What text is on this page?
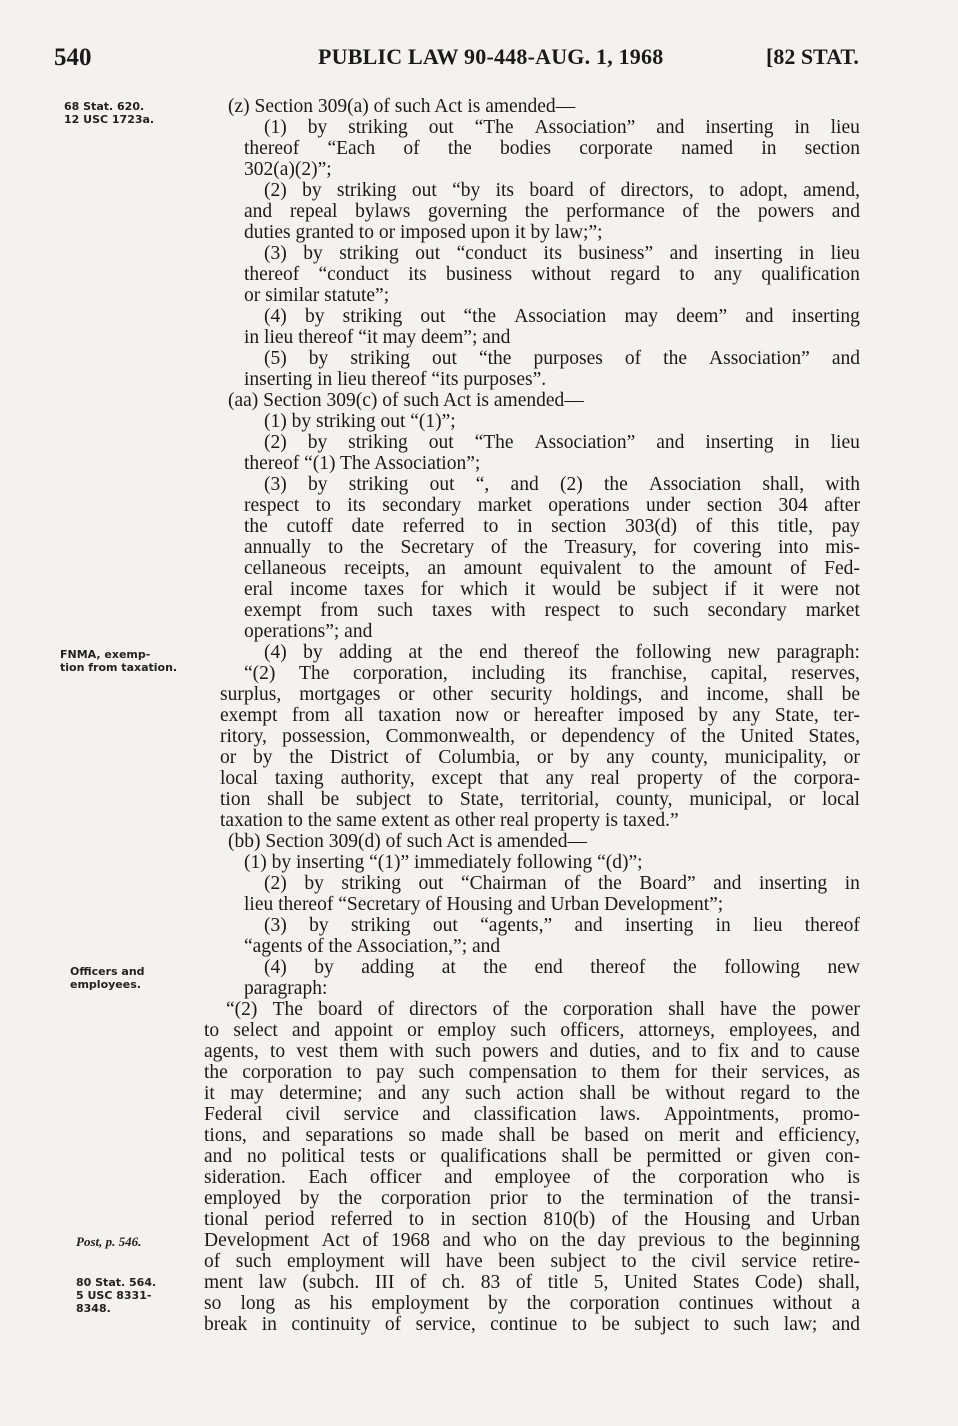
540	PUBLIC LAW 90-448-AUG. 1, 1968	[82 STAT.
68 Stat. 620.
12 USC 1723a.
FNMA, exemp-
tion from taxation.
Officers and
employees.
Post, p. 546.
80 Stat. 564.
5 USC 8331-
8348.
(z) Section 309(a) of such Act is amended—
(1) by striking out “The Association” and inserting in lieu
thereof “Each of the bodies corporate named in section
302(a)(2)”;
(2) by striking out “by its board of directors, to adopt, amend,
and repeal bylaws governing the performance of the powers and
duties granted to or imposed upon it by law;”;
(3) by striking out “conduct its business” and inserting in lieu
thereof “conduct its business without regard to any qualification
or similar statute”;
(4) by striking out “the Association may deem” and inserting
in lieu thereof “it may deem”; and
(5) by striking out “the purposes of the Association” and
inserting in lieu thereof “its purposes”.
(aa) Section 309(c) of such Act is amended—
(1) by striking out “(1)”;
(2) by striking out “The Association” and inserting in lieu
thereof “(1) The Association”;
(3) by striking out “, and (2) the Association shall, with
respect to its secondary market operations under section 304 after
the cutoff date referred to in section 303(d) of this title, pay
annually to the Secretary of the Treasury, for covering into mis-
cellaneous receipts, an amount equivalent to the amount of Fed-
eral income taxes for which it would be subject if it were not
exempt from such taxes with respect to such secondary market
operations”; and
(4) by adding at the end thereof the following new paragraph:
“(2) The corporation, including its franchise, capital, reserves,
surplus, mortgages or other security holdings, and income, shall be
exempt from all taxation now or hereafter imposed by any State, ter-
ritory, possession, Commonwealth, or dependency of the United States,
or by the District of Columbia, or by any county, municipality, or
local taxing authority, except that any real property of the corpora-
tion shall be subject to State, territorial, county, municipal, or local
taxation to the same extent as other real property is taxed.”
(bb) Section 309(d) of such Act is amended—
(1) by inserting “(1)” immediately following “(d)”;
(2) by striking out “Chairman of the Board” and inserting in
lieu thereof “Secretary of Housing and Urban Development”;
(3) by striking out “agents,” and inserting in lieu thereof
“agents of the Association,”; and
(4) by adding at the end thereof the following new
paragraph:
“(2) The board of directors of the corporation shall have the power
to select and appoint or employ such officers, attorneys, employees, and
agents, to vest them with such powers and duties, and to fix and to cause
the corporation to pay such compensation to them for their services, as
it may determine; and any such action shall be without regard to the
Federal civil service and classification laws. Appointments, promo-
tions, and separations so made shall be based on merit and efficiency,
and no political tests or qualifications shall be permitted or given con-
sideration. Each officer and employee of the corporation who is
employed by the corporation prior to the termination of the transi-
tional period referred to in section 810(b) of the Housing and Urban
Development Act of 1968 and who on the day previous to the beginning
of such employment will have been subject to the civil service retire-
ment law (subch. III of ch. 83 of title 5, United States Code) shall,
so long as his employment by the corporation continues without a
break in continuity of service, continue to be subject to such law; and
